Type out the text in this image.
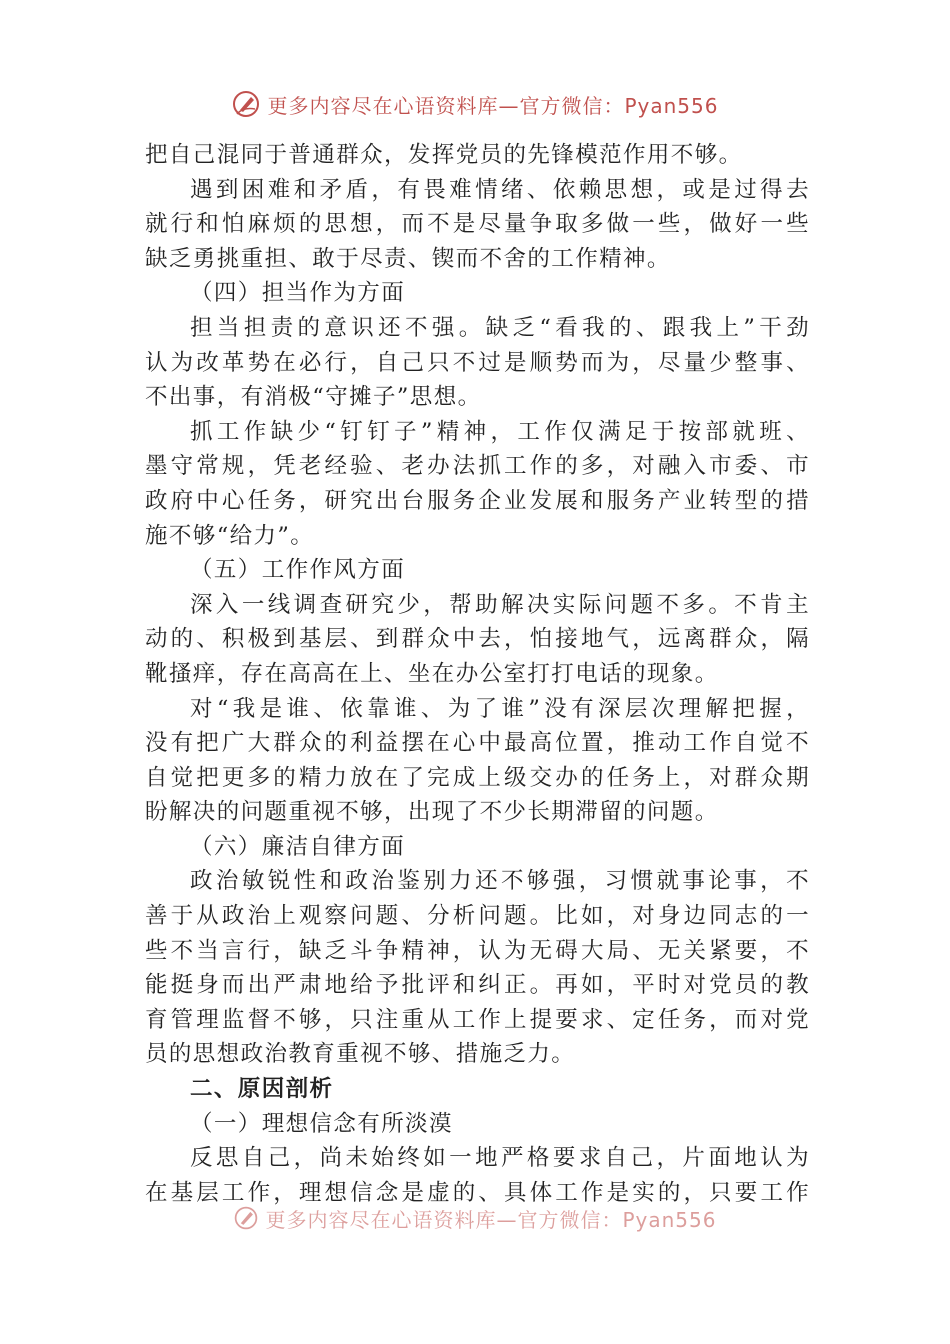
更多内容尽在心语资料库—官方微信：Pyan556
把自己混同于普通群众，发挥党员的先锋模范作用不够。
遇到困难和矛盾，有畏难情绪、依赖思想，或是过得去
就行和怕麻烦的思想，而不是尽量争取多做一些，做好一些
缺乏勇挑重担、敢于尽责、锲而不舍的工作精神。
（四）担当作为方面
担当担责的意识还不强。缺乏“看我的、跟我上”干劲
认为改革势在必行，自己只不过是顺势而为，尽量少整事、
不出事，有消极“守摊子”思想。
抓工作缺少“钉钉子”精神，工作仅满足于按部就班、
墨守常规，凭老经验、老办法抓工作的多，对融入市委、市
政府中心任务，研究出台服务企业发展和服务产业转型的措
施不够“给力”。
（五）工作作风方面
深入一线调查研究少，帮助解决实际问题不多。不肯主
动的、积极到基层、到群众中去，怕接地气，远离群众，隔
靴搔痒，存在高高在上、坐在办公室打打电话的现象。
对“我是谁、依靠谁、为了谁”没有深层次理解把握，
没有把广大群众的利益摆在心中最高位置，推动工作自觉不
自觉把更多的精力放在了完成上级交办的任务上，对群众期
盼解决的问题重视不够，出现了不少长期滞留的问题。
（六）廉洁自律方面
政治敏锐性和政治鉴别力还不够强，习惯就事论事，不
善于从政治上观察问题、分析问题。比如，对身边同志的一
些不当言行，缺乏斗争精神，认为无碍大局、无关紧要，不
能挺身而出严肃地给予批评和纠正。再如，平时对党员的教
育管理监督不够，只注重从工作上提要求、定任务，而对党
员的思想政治教育重视不够、措施乏力。
二、原因剖析
（一）理想信念有所淡漠
反思自己，尚未始终如一地严格要求自己，片面地认为
在基层工作，理想信念是虚的、具体工作是实的，只要工作
更多内容尽在心语资料库—官方微信：Pyan556
